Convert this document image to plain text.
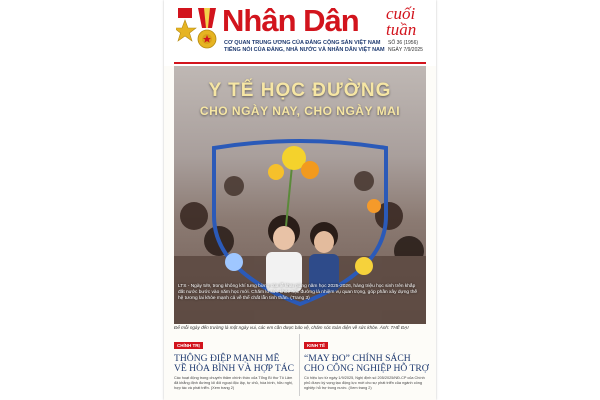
Nhân Dân cuối
tuần
CƠ QUAN TRUNG ƯƠNG CỦA ĐẢNG CỘNG SẢN VIỆT NAM
TIẾNG NÓI CỦA ĐẢNG, NHÀ NƯỚC VÀ NHÂN DÂN VIỆT NAM
SỐ 36 (1956)
NGÀY 7/9/2025
Y TẾ HỌC ĐƯỜNG
CHO NGÀY NAY, CHO NGÀY MAI
LTS - Ngày 5/9, trong không khí tưng bừng của lễ khai giảng năm học 2025-2026, hàng triệu học sinh trên khắp đất nước bước vào năm học mới. Chăm lo sức khỏe học đường là nhiệm vụ quan trọng, góp phần xây dựng thế hệ tương lai khỏe mạnh cả về thể chất lẫn tinh thần. (Trang 3)
Để mỗi ngày đến trường là một ngày vui, các em cần được bảo vệ, chăm sóc toàn diện về sức khỏe. Ảnh: THẾ ĐẠI
CHÍNH TRỊ
THÔNG ĐIỆP MẠNH MẼ
VỀ HÒA BÌNH VÀ HỢP TÁC
Các hoạt động trong chuyến thăm chính thức của Tổng Bí thư Tô Lâm đã khẳng định đường lối đối ngoại độc lập, tự chủ, hòa bình, hữu nghị, hợp tác và phát triển. (Xem trang 2)
KINH TẾ
“MAY ĐO” CHÍNH SÁCH
CHO CÔNG NGHIỆP HỖ TRỢ
Có hiệu lực từ ngày 1/9/2025, Nghị định số 205/2025/NĐ-CP của Chính phủ được kỳ vọng tạo động lực mới cho sự phát triển của ngành công nghiệp hỗ trợ trong nước. (Xem trang 2)
